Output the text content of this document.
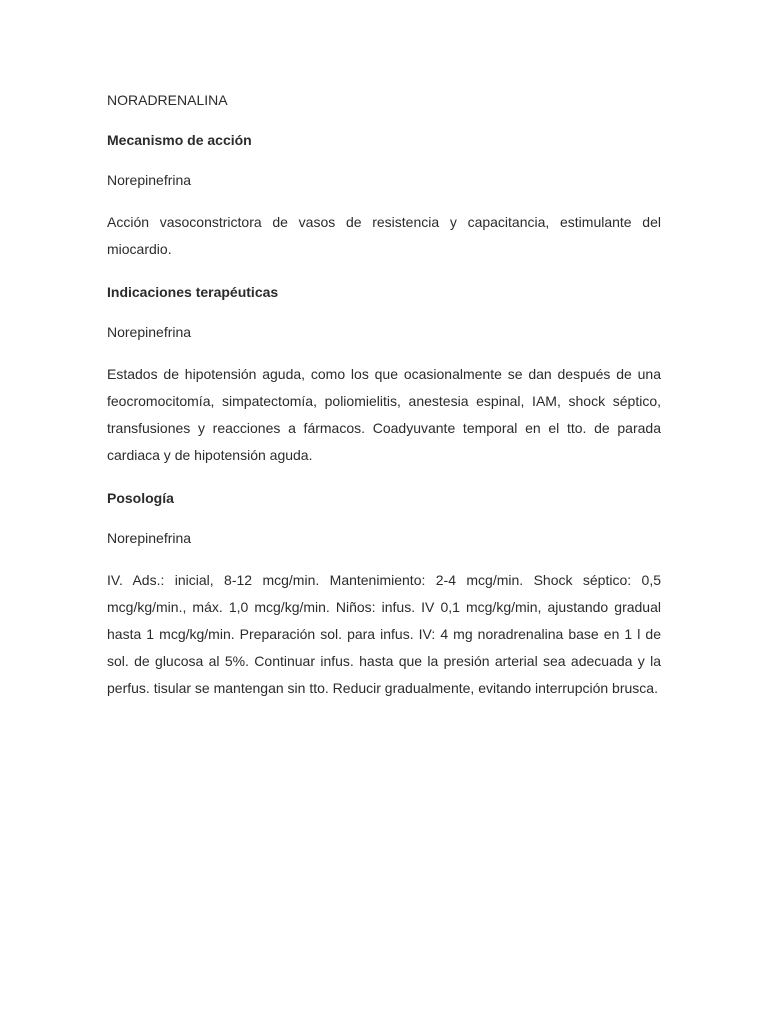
NORADRENALINA

Mecanismo de acción

Norepinefrina

Acción vasoconstrictora de vasos de resistencia y capacitancia, estimulante del miocardio.

Indicaciones terapéuticas

Norepinefrina

Estados de hipotensión aguda, como los que ocasionalmente se dan después de una feocromocitomía, simpatectomía, poliomielitis, anestesia espinal, IAM, shock séptico, transfusiones y reacciones a fármacos. Coadyuvante temporal en el tto. de parada cardiaca y de hipotensión aguda.

Posología

Norepinefrina

IV. Ads.: inicial, 8-12 mcg/min. Mantenimiento: 2-4 mcg/min. Shock séptico: 0,5 mcg/kg/min., máx. 1,0 mcg/kg/min. Niños: infus. IV 0,1 mcg/kg/min, ajustando gradual hasta 1 mcg/kg/min. Preparación sol. para infus. IV: 4 mg noradrenalina base en 1 l de sol. de glucosa al 5%. Continuar infus. hasta que la presión arterial sea adecuada y la perfus. tisular se mantengan sin tto. Reducir gradualmente, evitando interrupción brusca.
